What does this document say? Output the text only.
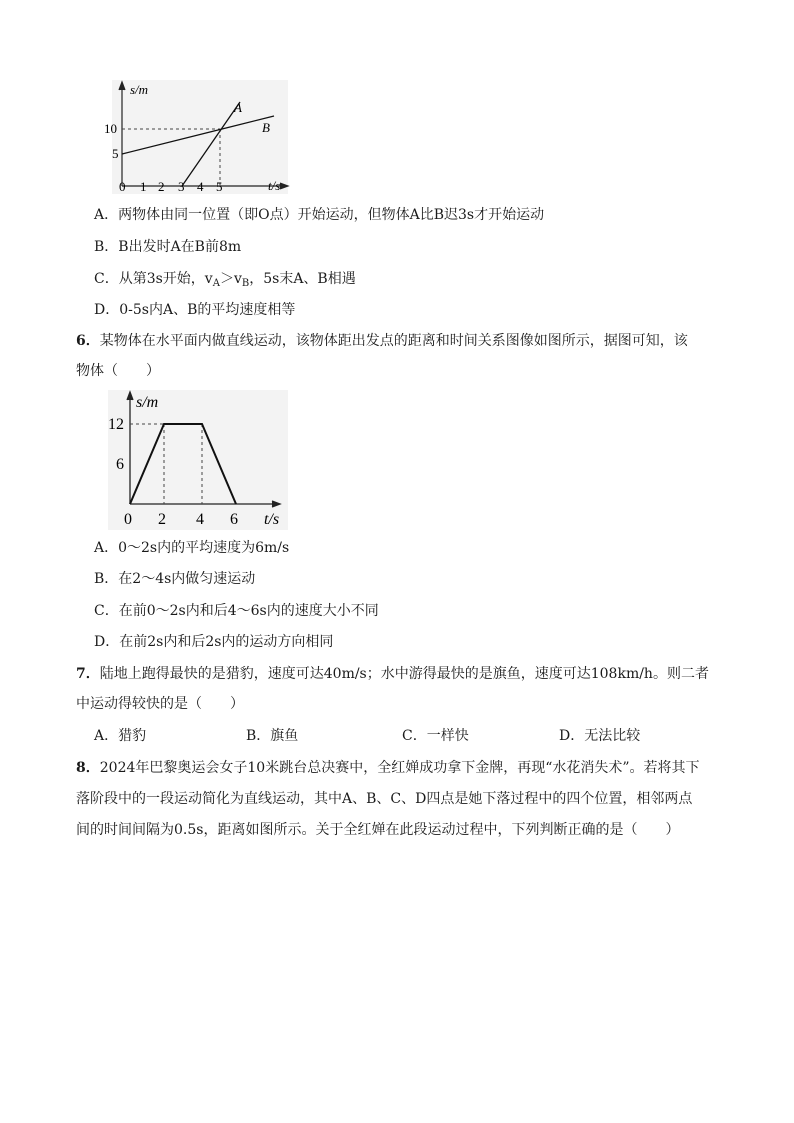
s/m
t/s
10
5
0 1 2 3 4 5
A
B
A．两物体由同一位置（即O点）开始运动，但物体A比B迟3s才开始运动
B．B出发时A在B前8m
C．从第3s开始，$v_A>v_B$，5s末A、B相遇
D．0-5s内A、B的平均速度相等
6．某物体在水平面内做直线运动，该物体距出发点的距离和时间关系图像如图所示，据图可知，该
物体（　　）
s/m
t/s
12
6
0 2 4 6
A．0～2s内的平均速度为6m/s
B．在2～4s内做匀速运动
C．在前0～2s内和后4～6s内的速度大小不同
D．在前2s内和后2s内的运动方向相同
7．陆地上跑得最快的是猎豹，速度可达40m/s；水中游得最快的是旗鱼，速度可达108km/h。则二者
中运动得较快的是（　　）
A．猎豹	B．旗鱼	C．一样快	D．无法比较
8．2024年巴黎奥运会女子10米跳台总决赛中，全红婵成功拿下金牌，再现“水花消失术”。若将其下
落阶段中的一段运动简化为直线运动，其中A、B、C、D四点是她下落过程中的四个位置，相邻两点
间的时间间隔为0.5s，距离如图所示。关于全红婵在此段运动过程中，下列判断正确的是（　　）
